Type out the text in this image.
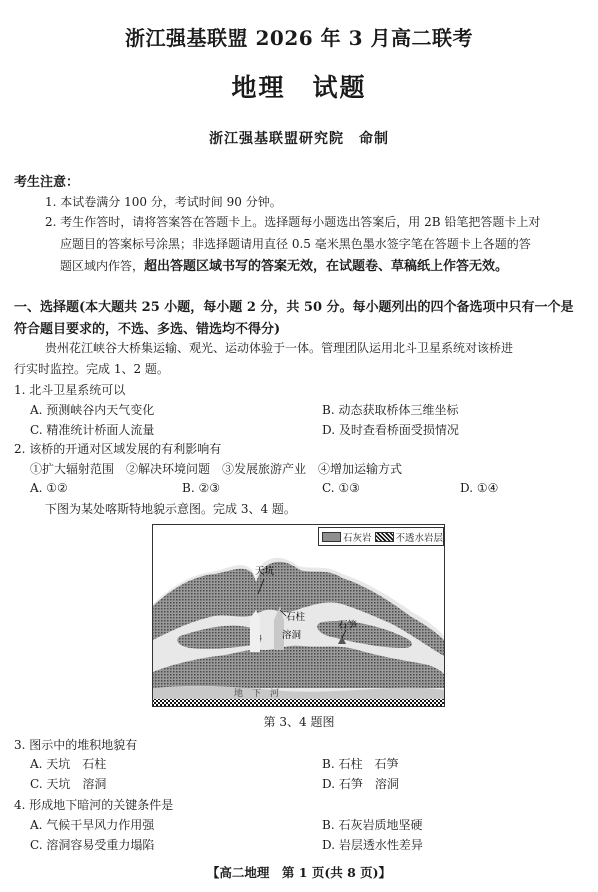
浙江强基联盟 2026 年 3 月高二联考
地理　试题
浙江强基联盟研究院　命制
考生注意：
1. 本试卷满分 100 分，考试时间 90 分钟。
2. 考生作答时，请将答案答在答题卡上。选择题每小题选出答案后，用 2B 铅笔把答题卡上对
应题目的答案标号涂黑；非选择题请用直径 0.5 毫米黑色墨水签字笔在答题卡上各题的答
题区域内作答，超出答题区域书写的答案无效，在试题卷、草稿纸上作答无效。
一、选择题(本大题共 25 小题，每小题 2 分，共 50 分。每小题列出的四个备选项中只有一个是
符合题目要求的，不选、多选、错选均不得分)
贵州花江峡谷大桥集运输、观光、运动体验于一体。管理团队运用北斗卫星系统对该桥进
行实时监控。完成 1、2 题。
1. 北斗卫星系统可以
A. 预测峡谷内天气变化	B. 动态获取桥体三维坐标
C. 精准统计桥面人流量	D. 及时查看桥面受损情况
2. 该桥的开通对区域发展的有利影响有
①扩大辐射范围　②解决环境问题　③发展旅游产业　④增加运输方式
A. ①②	B. ②③	C. ①③	D. ①④
下图为某处喀斯特地貌示意图。完成 3、4 题。
天坑
石柱
溶洞
石笋
地　下　河
石灰岩	不透水岩层
第 3、4 题图
3. 图示中的堆积地貌有
A. 天坑　石柱	B. 石柱　石笋
C. 天坑　溶洞	D. 石笋　溶洞
4. 形成地下暗河的关键条件是
A. 气候干旱风力作用强	B. 石灰岩质地坚硬
C. 溶洞容易受重力塌陷	D. 岩层透水性差异
【高二地理　第 1 页(共 8 页)】
